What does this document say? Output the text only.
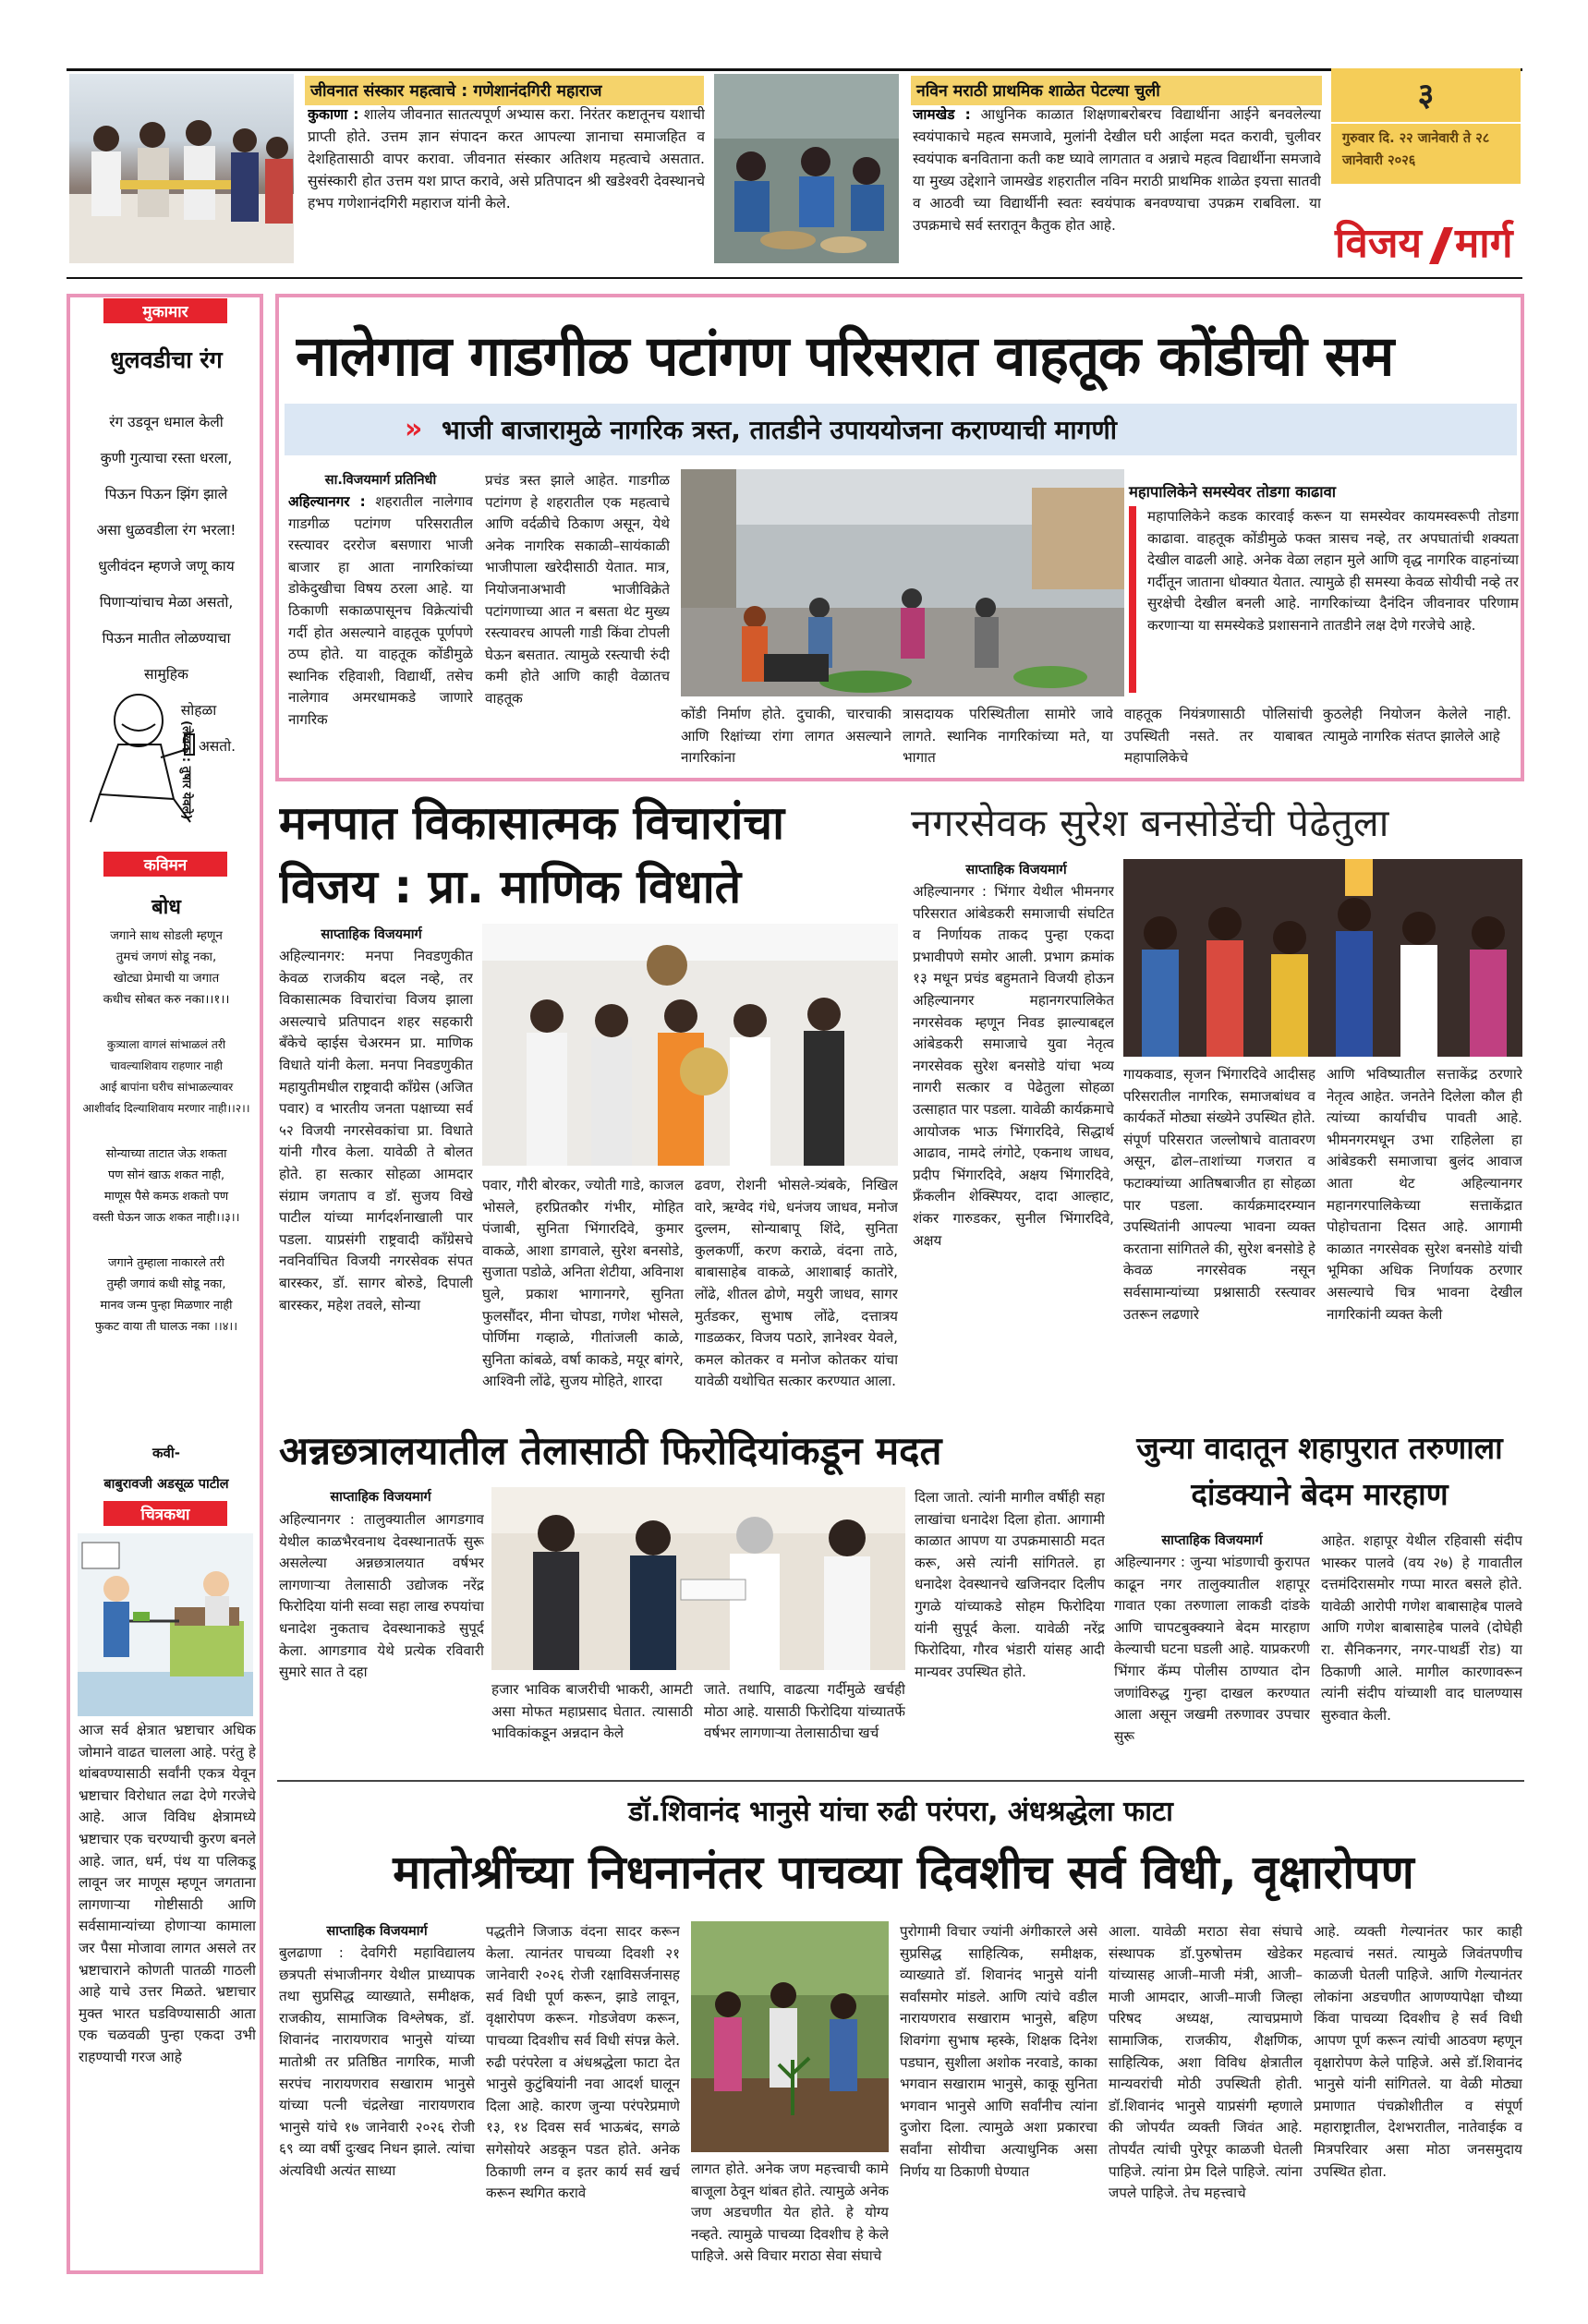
जीवनात संस्कार महत्वाचे : गणेशानंदगिरी महाराज
कुकाणा : शालेय जीवनात सातत्यपूर्ण अभ्यास करा. निरंतर कष्टातूनच यशाची प्राप्ती होते. उत्तम ज्ञान संपादन करत आपल्या ज्ञानाचा समाजहित व देशहितासाठी वापर करावा. जीवनात संस्कार अतिशय महत्वाचे असतात. सुसंस्कारी होत उत्तम यश प्राप्त करावे, असे प्रतिपादन श्री खडेश्वरी देवस्थानचे हभप गणेशानंदगिरी महाराज यांनी केले.
नविन मराठी प्राथमिक शाळेत पेटल्या चुली
जामखेड : आधुनिक काळात शिक्षणाबरोबरच विद्यार्थीना आईने बनवलेल्या स्वयंपाकाचे महत्व समजावे, मुलांनी देखील घरी आईला मदत करावी, चुलीवर स्वयंपाक बनविताना कती कष्ट घ्यावे लागतात व अन्नाचे महत्व विद्यार्थीना समजावे या मुख्य उद्देशाने जामखेड शहरातील नविन मराठी प्राथमिक शाळेत इयत्ता सातवी व आठवी च्या विद्यार्थीनी स्वतः स्वयंपाक बनवण्याचा उपक्रम राबविला. या उपक्रमाचे सर्व स्तरातून कैतुक होत आहे.
३
गुरुवार दि. २२ जानेवारी ते २८ जानेवारी २०२६
विजय मार्ग
मुकामार
धुलवडीचा रंग
रंग उडवून धमाल केली
कुणी गुत्याचा रस्ता धरला,
पिऊन पिऊन झिंग झाले
असा धुळवडीला रंग भरला!
धुलीवंदन म्हणजे जणू काय
पिणाऱ्यांचाच मेळा असतो,
पिऊन मातीत लोळण्याचा
सामुहिक
सोहळा
असतो.
(लेखक : तुषार येवले)
कविमन
बोध
जगाने साथ सोडली म्हणून
तुमचं जगणं सोडू नका,
खोट्या प्रेमाची या जगात
कधीच सोबत करु नका।।१।।
कुत्र्याला वागलं सांभाळलं तरी
चावल्याशिवाय राहणार नाही
आई बापांना घरीच सांभाळल्यावर
आशीर्वाद दिल्याशिवाय मरणार नाही।।२।।
सोन्याच्या ताटात जेऊ शकता
पण सोनं खाऊ शकत नाही,
माणूस पैसे कमऊ शकतो पण
वस्ती घेऊन जाऊ शकत नाही।।३।।
जगाने तुम्हाला नाकारले तरी
तुम्ही जगावं कधी सोडू नका,
मानव जन्म पुन्हा मिळणार नाही
फुकट वाया ती घालऊ नका ।।४।।
कवी-
बाबुरावजी अडसूळ पाटील
चित्रकथा
आज सर्व क्षेत्रात भ्रष्टाचार अधिक जोमाने वाढत चालला आहे. परंतु हे थांबवण्यासाठी सर्वांनी एकत्र येवून भ्रष्टाचार विरोधात लढा देणे गरजेचे आहे. आज विविध क्षेत्रामध्ये भ्रष्टाचार एक चरण्याची कुरण बनले आहे. जात, धर्म, पंथ या पलिकडू लावून जर माणूस म्हणून जगताना लागणाऱ्या गोष्टीसाठी आणि सर्वसामान्यांच्या होणाऱ्या कामाला जर पैसा मोजावा लागत असले तर भ्रष्टाचाराने कोणती पातळी गाठली आहे याचे उत्तर मिळते. भ्रष्टाचार मुक्त भारत घडविण्यासाठी आता एक चळवळी पुन्हा एकदा उभी राहण्याची गरज आहे
नालेगाव गाडगीळ पटांगण परिसरात वाहतूक कोंडीची सम
» भाजी बाजारामुळे नागरिक त्रस्त, तातडीने उपाययोजना कराण्याची मागणी
सा.विजयमार्ग प्रतिनिधी
अहिल्यानगर : शहरातील नालेगाव गाडगीळ पटांगण परिसरातील रस्त्यावर दररोज बसणारा भाजी बाजार हा आता नागरिकांच्या डोकेदुखीचा विषय ठरला आहे. या ठिकाणी सकाळपासूनच विक्रेत्यांची गर्दी होत असल्याने वाहतूक पूर्णपणे ठप्प होते. या वाहतूक कोंडीमुळे स्थानिक रहिवाशी, विद्यार्थी, तसेच नालेगाव अमरधामकडे जाणारे नागरिक
प्रचंड त्रस्त झाले आहेत. गाडगीळ पटांगण हे शहरातील एक महत्वाचे आणि वर्दळीचे ठिकाण असून, येथे अनेक नागरिक सकाळी–सायंकाळी भाजीपाला खरेदीसाठी येतात. मात्र, नियोजनाअभावी भाजीविक्रेते पटांगणाच्या आत न बसता थेट मुख्य रस्त्यावरच आपली गाडी किंवा टोपली घेऊन बसतात. त्यामुळे रस्त्याची रुंदी कमी होते आणि काही वेळातच वाहतूक
कोंडी निर्माण होते. दुचाकी, चारचाकी आणि रिक्षांच्या रांगा लागत असल्याने नागरिकांना
त्रासदायक परिस्थितीला सामोरे जावे लागते. स्थानिक नागरिकांच्या मते, या भागात
वाहतूक नियंत्रणासाठी पोलिसांची उपस्थिती नसते. तर याबाबत महापालिकेचे
कुठलेही नियोजन केलेले नाही. त्यामुळे नागरिक संतप्त झालेले आहे
महापालिकेने समस्येवर तोडगा काढावा
महापालिकेने कडक कारवाई करून या समस्येवर कायमस्वरूपी तोडगा काढावा. वाहतूक कोंडीमुळे फक्त त्रासच नव्हे, तर अपघातांची शक्यता देखील वाढली आहे. अनेक वेळा लहान मुले आणि वृद्ध नागरिक वाहनांच्या गर्दीतून जाताना धोक्यात येतात. त्यामुळे ही समस्या केवळ सोयीची नव्हे तर सुरक्षेची देखील बनली आहे. नागरिकांच्या दैनंदिन जीवनावर परिणाम करणाऱ्या या समस्येकडे प्रशासनाने तातडीने लक्ष देणे गरजेचे आहे.
मनपात विकासात्मक विचारांचा
विजय : प्रा. माणिक विधाते
साप्ताहिक विजयमार्ग
अहिल्यानगर: मनपा निवडणुकीत केवळ राजकीय बदल नव्हे, तर विकासात्मक विचारांचा विजय झाला असल्याचे प्रतिपादन शहर सहकारी बँकेचे व्हाईस चेअरमन प्रा. माणिक विधाते यांनी केला. मनपा निवडणुकीत महायुतीमधील राष्ट्रवादी कॉंग्रेस (अजित पवार) व भारतीय जनता पक्षाच्या सर्व ५२ विजयी नगरसेवकांचा प्रा. विधाते यांनी गौरव केला. यावेळी ते बोलत होते. हा सत्कार सोहळा आमदार संग्राम जगताप व डॉ. सुजय विखे पाटील यांच्या मार्गदर्शनाखाली पार पडला. याप्रसंगी राष्ट्रवादी कॉंग्रेसचे नवनिर्वाचित विजयी नगरसेवक संपत बारस्कर, डॉ. सागर बोरुडे, दिपाली बारस्कर, महेश तवले, सोन्या
पवार, गौरी बोरकर, ज्योती गाडे, काजल भोसले, हरप्रितकौर गंभीर, मोहित पंजाबी, सुनिता भिंगारदिवे, कुमार वाकळे, आशा डागवाले, सुरेश बनसोडे, सुजाता पडोळे, अनिता शेटीया, अविनाश घुले, प्रकाश भागानगरे, सुनिता फुलसौंदर, मीना चोपडा, गणेश भोसले, पोर्णिमा गव्हाळे, गीतांजली काळे, सुनिता कांबळे, वर्षा काकडे, मयूर बांगरे, आश्विनी लोंढे, सुजय मोहिते, शारदा
ढवण, रोशनी भोसले-त्र्यंबके, निखिल वारे, ऋग्वेद गंधे, धनंजय जाधव, मनोज दुल्लम, सोन्याबापू शिंदे, सुनिता कुलकर्णी, करण कराळे, वंदना ताठे, बाबासाहेब वाकळे, आशाबाई कातोरे, लोंढे, शीतल ढोणे, मयुरी जाधव, सागर मुर्तडकर, सुभाष लोंढे, दत्तात्रय गाडळकर, विजय पठारे, ज्ञानेश्वर येवले, कमल कोतकर व मनोज कोतकर यांचा यावेळी यथोचित सत्कार करण्यात आला.
नगरसेवक सुरेश बनसोडेंची पेढेतुला
साप्ताहिक विजयमार्ग
अहिल्यानगर : भिंगार येथील भीमनगर परिसरात आंबेडकरी समाजाची संघटित व निर्णायक ताकद पुन्हा एकदा प्रभावीपणे समोर आली. प्रभाग क्रमांक १३ मधून प्रचंड बहुमताने विजयी होऊन अहिल्यानगर महानगरपालिकेत नगरसेवक म्हणून निवड झाल्याबद्दल आंबेडकरी समाजाचे युवा नेतृत्व नगरसेवक सुरेश बनसोडे यांचा भव्य नागरी सत्कार व पेढेतुला सोहळा उत्साहात पार पडला. यावेळी कार्यक्रमाचे आयोजक भाऊ भिंगारदिवे, सिद्धार्थ आढाव, नामदे लंगोटे, एकनाथ जाधव, प्रदीप भिंगारदिवे, अक्षय भिंगारदिवे, फ्रँकलीन शेक्स्पियर, दादा आल्हाट, शंकर गारुडकर, सुनील भिंगारदिवे, अक्षय
गायकवाड, सृजन भिंगारदिवे आदीसह परिसरातील नागरिक, समाजबांधव व कार्यकर्ते मोठ्या संख्येने उपस्थित होते. संपूर्ण परिसरात जल्लोषाचे वातावरण असून, ढोल–ताशांच्या गजरात व फटाक्यांच्या आतिषबाजीत हा सोहळा पार पडला. कार्यक्रमादरम्यान उपस्थितांनी आपल्या भावना व्यक्त करताना सांगितले की, सुरेश बनसोडे हे केवळ नगरसेवक नसून सर्वसामान्यांच्या प्रश्नासाठी रस्त्यावर उतरून लढणारे
आणि भविष्यातील सत्ताकेंद्र ठरणारे नेतृत्व आहेत. जनतेने दिलेला कौल ही त्यांच्या कार्याचीच पावती आहे. भीमनगरमधून उभा राहिलेला हा आंबेडकरी समाजाचा बुलंद आवाज आता थेट अहिल्यानगर महानगरपालिकेच्या सत्ताकेंद्रात पोहोचताना दिसत आहे. आगामी काळात नगरसेवक सुरेश बनसोडे यांची भूमिका अधिक निर्णायक ठरणार असल्याचे चित्र भावना देखील नागरिकांनी व्यक्त केली
अन्नछत्रालयातील तेलासाठी फिरोदियांकडून मदत
साप्ताहिक विजयमार्ग
अहिल्यानगर : तालुक्यातील आगडगाव येथील काळभैरवनाथ देवस्थानातर्फे सुरू असलेल्या अन्नछत्रालयात वर्षभर लागणाऱ्या तेलासाठी उद्योजक नरेंद्र फिरोदिया यांनी सव्वा सहा लाख रुपयांचा धनादेश नुकताच देवस्थानाकडे सुपूर्द केला. आगडगाव येथे प्रत्येक रविवारी सुमारे सात ते दहा
हजार भाविक बाजरीची भाकरी, आमटी असा मोफत महाप्रसाद घेतात. त्यासाठी भाविकांकडून अन्नदान केले
जाते. तथापि, वाढत्या गर्दीमुळे खर्चही मोठा आहे. यासाठी फिरोदिया यांच्यातर्फे वर्षभर लागणाऱ्या तेलासाठीचा खर्च
दिला जातो. त्यांनी मागील वर्षीही सहा लाखांचा धनादेश दिला होता. आगामी काळात आपण या उपक्रमासाठी मदत करू, असे त्यांनी सांगितले. हा धनादेश देवस्थानचे खजिनदार दिलीप गुगळे यांच्याकडे सोहम फिरोदिया यांनी सुपूर्द केला. यावेळी नरेंद्र फिरोदिया, गौरव भंडारी यांसह आदी मान्यवर उपस्थित होते.
जुन्या वादातून शहापुरात तरुणाला
दांडक्याने बेदम मारहाण
साप्ताहिक विजयमार्ग
अहिल्यानगर : जुन्या भांडणाची कुरापत काढून नगर तालुक्यातील शहापूर गावात एका तरुणाला लाकडी दांडके आणि चापटबुक्क्याने बेदम मारहाण केल्याची घटना घडली आहे. याप्रकरणी भिंगार कॅम्प पोलीस ठाण्यात दोन जणांविरुद्ध गुन्हा दाखल करण्यात आला असून जखमी तरुणावर उपचार सुरू
आहेत. शहापूर येथील रहिवासी संदीप भास्कर पालवे (वय २७) हे गावातील दत्तमंदिरासमोर गप्पा मारत बसले होते. यावेळी आरोपी गणेश बाबासाहेब पालवे आणि गणेश बाबासाहेब पालवे (दोघेही रा. सैनिकनगर, नगर-पाथर्डी रोड) या ठिकाणी आले. मागील कारणावरून त्यांनी संदीप यांच्याशी वाद घालण्यास सुरुवात केली.
डॉ.शिवानंद भानुसे यांचा रुढी परंपरा, अंधश्रद्धेला फाटा
मातोश्रींच्या निधनानंतर पाचव्या दिवशीच सर्व विधी, वृक्षारोपण
साप्ताहिक विजयमार्ग
बुलढाणा : देवगिरी महाविद्यालय छत्रपती संभाजीनगर येथील प्राध्यापक तथा सुप्रसिद्ध व्याख्याते, समीक्षक, राजकीय, सामाजिक विश्लेषक, डॉ. शिवानंद नारायणराव भानुसे यांच्या मातोश्री तर प्रतिष्ठित नागरिक, माजी सरपंच नारायणराव सखाराम भानुसे यांच्या पत्नी चंद्रलेखा नारायणराव भानुसे यांचे १७ जानेवारी २०२६ रोजी ६९ व्या वर्षी दुःखद निधन झाले. त्यांचा अंत्यविधी अत्यंत साध्या
पद्धतीने जिजाऊ वंदना सादर करून केला. त्यानंतर पाचव्या दिवशी २१ जानेवारी २०२६ रोजी रक्षाविसर्जनासह सर्व विधी पूर्ण करून, झाडे लावून, वृक्षारोपण करून. गोडजेवण करून, पाचव्या दिवशीच सर्व विधी संपन्न केले. रुढी परंपरेला व अंधश्रद्धेला फाटा देत भानुसे कुटुंबियांनी नवा आदर्श घालून दिला आहे. कारण जुन्या परंपरेप्रमाणे १३, १४ दिवस सर्व भाऊबंद, सगळे सगेसोयरे अडकून पडत होते. अनेक ठिकाणी लग्न व इतर कार्य सर्व खर्च करून स्थगित करावे
लागत होते. अनेक जण महत्त्वाची कामे बाजूला ठेवून थांबत होते. त्यामुळे अनेक जण अडचणीत येत होते. हे योग्य नव्हते. त्यामुळे पाचव्या दिवशीच हे केले पाहिजे. असे विचार मराठा सेवा संघाचे
पुरोगामी विचार ज्यांनी अंगीकारले असे सुप्रसिद्ध साहित्यिक, समीक्षक, व्याख्याते डॉ. शिवानंद भानुसे यांनी सर्वांसमोर मांडले. आणि त्यांचे वडील नारायणराव सखाराम भानुसे, बहिण शिवगंगा सुभाष म्हस्के, शिक्षक दिनेश पडघान, सुशीला अशोक नरवाडे, काका भगवान सखाराम भानुसे, काकू सुनिता भगवान भानुसे आणि सर्वांनीच त्यांना दुजोरा दिला. त्यामुळे अशा प्रकारचा सर्वांना सोयीचा अत्याधुनिक असा निर्णय या ठिकाणी घेण्यात
आला. यावेळी मराठा सेवा संघाचे संस्थापक डॉ.पुरुषोत्तम खेडेकर यांच्यासह आजी–माजी मंत्री, आजी–माजी आमदार, आजी–माजी जिल्हा परिषद अध्यक्ष, त्याचप्रमाणे सामाजिक, राजकीय, शैक्षणिक, साहित्यिक, अशा विविध क्षेत्रातील मान्यवरांची मोठी उपस्थिती होती. डॉ.शिवानंद भानुसे याप्रसंगी म्हणाले की जोपर्यंत व्यक्ती जिवंत आहे. तोपर्यंत त्यांची पुरेपूर काळजी घेतली पाहिजे. त्यांना प्रेम दिले पाहिजे. त्यांना जपले पाहिजे. तेच महत्त्वाचे
आहे. व्यक्ती गेल्यानंतर फार काही महत्वाचं नसतं. त्यामुळे जिवंतपणीच काळजी घेतली पाहिजे. आणि गेल्यानंतर लोकांना अडचणीत आणण्यापेक्षा चौथ्या किंवा पाचव्या दिवशीच हे सर्व विधी आपण पूर्ण करून त्यांची आठवण म्हणून वृक्षारोपण केले पाहिजे. असे डॉ.शिवानंद भानुसे यांनी सांगितले. या वेळी मोठ्या प्रमाणात पंचक्रोशीतील व संपूर्ण महाराष्ट्रातील, देशभरातील, नातेवाईक व मित्रपरिवार असा मोठा जनसमुदाय उपस्थित होता.
